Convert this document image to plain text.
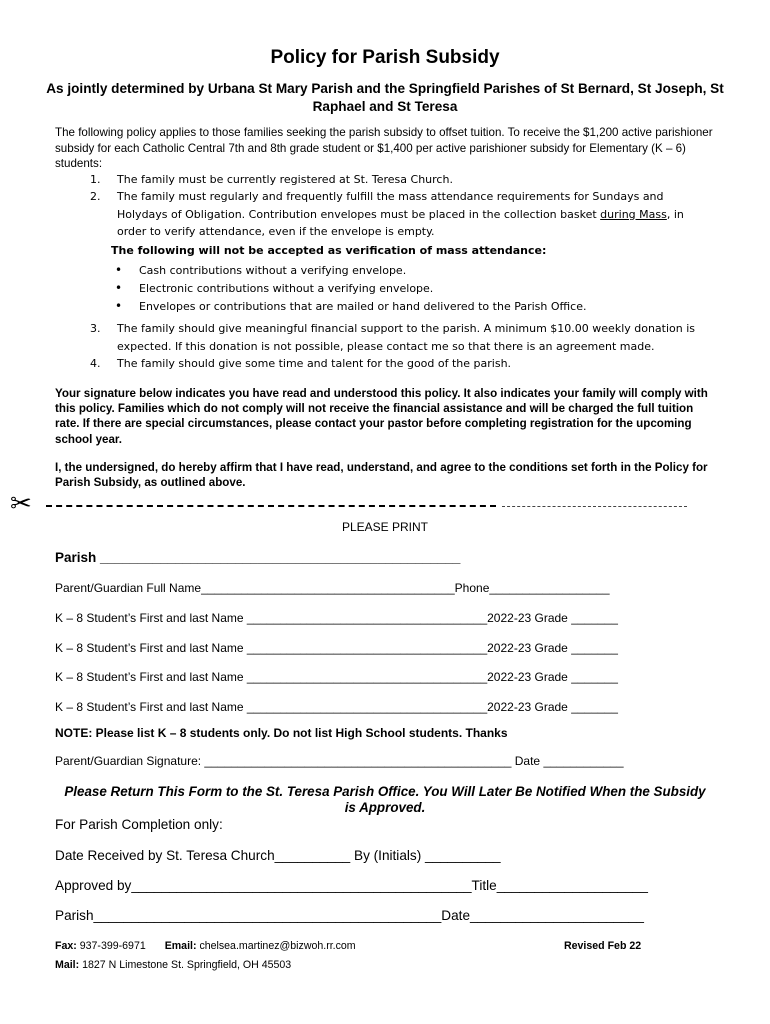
Policy for Parish Subsidy
As jointly determined by Urbana St Mary Parish and the Springfield Parishes of St Bernard, St Joseph, St Raphael and St Teresa
The following policy applies to those families seeking the parish subsidy to offset tuition. To receive the $1,200 active parishioner subsidy for each Catholic Central 7th and 8th grade student or $1,400 per active parishioner subsidy for Elementary (K – 6) students:
1. The family must be currently registered at St. Teresa Church.
2. The family must regularly and frequently fulfill the mass attendance requirements for Sundays and Holydays of Obligation. Contribution envelopes must be placed in the collection basket during Mass, in order to verify attendance, even if the envelope is empty.
The following will not be accepted as verification of mass attendance:
• Cash contributions without a verifying envelope.
• Electronic contributions without a verifying envelope.
• Envelopes or contributions that are mailed or hand delivered to the Parish Office.
3. The family should give meaningful financial support to the parish. A minimum $10.00 weekly donation is expected. If this donation is not possible, please contact me so that there is an agreement made.
4. The family should give some time and talent for the good of the parish.
Your signature below indicates you have read and understood this policy. It also indicates your family will comply with this policy. Families which do not comply will not receive the financial assistance and will be charged the full tuition rate. If there are special circumstances, please contact your pastor before completing registration for the upcoming school year.
I, the undersigned, do hereby affirm that I have read, understand, and agree to the conditions set forth in the Policy for Parish Subsidy, as outlined above.
✂
PLEASE PRINT
Parish ________________________________________________
Parent/Guardian Full Name______________________________________Phone__________________
K – 8 Student’s First and last Name ____________________________________2022-23 Grade _______
K – 8 Student’s First and last Name ____________________________________2022-23 Grade _______
K – 8 Student’s First and last Name ____________________________________2022-23 Grade _______
K – 8 Student’s First and last Name ____________________________________2022-23 Grade _______
NOTE: Please list K – 8 students only. Do not list High School students. Thanks
Parent/Guardian Signature: ______________________________________________ Date ____________
Please Return This Form to the St. Teresa Parish Office. You Will Later Be Notified When the Subsidy is Approved.
For Parish Completion only:
Date Received by St. Teresa Church__________ By (Initials) __________
Approved by_____________________________________________Title____________________
Parish______________________________________________Date_______________________
Fax: 937-399-6971 Email: chelsea.martinez@bizwoh.rr.com	Revised Feb 22
Mail: 1827 N Limestone St. Springfield, OH 45503
